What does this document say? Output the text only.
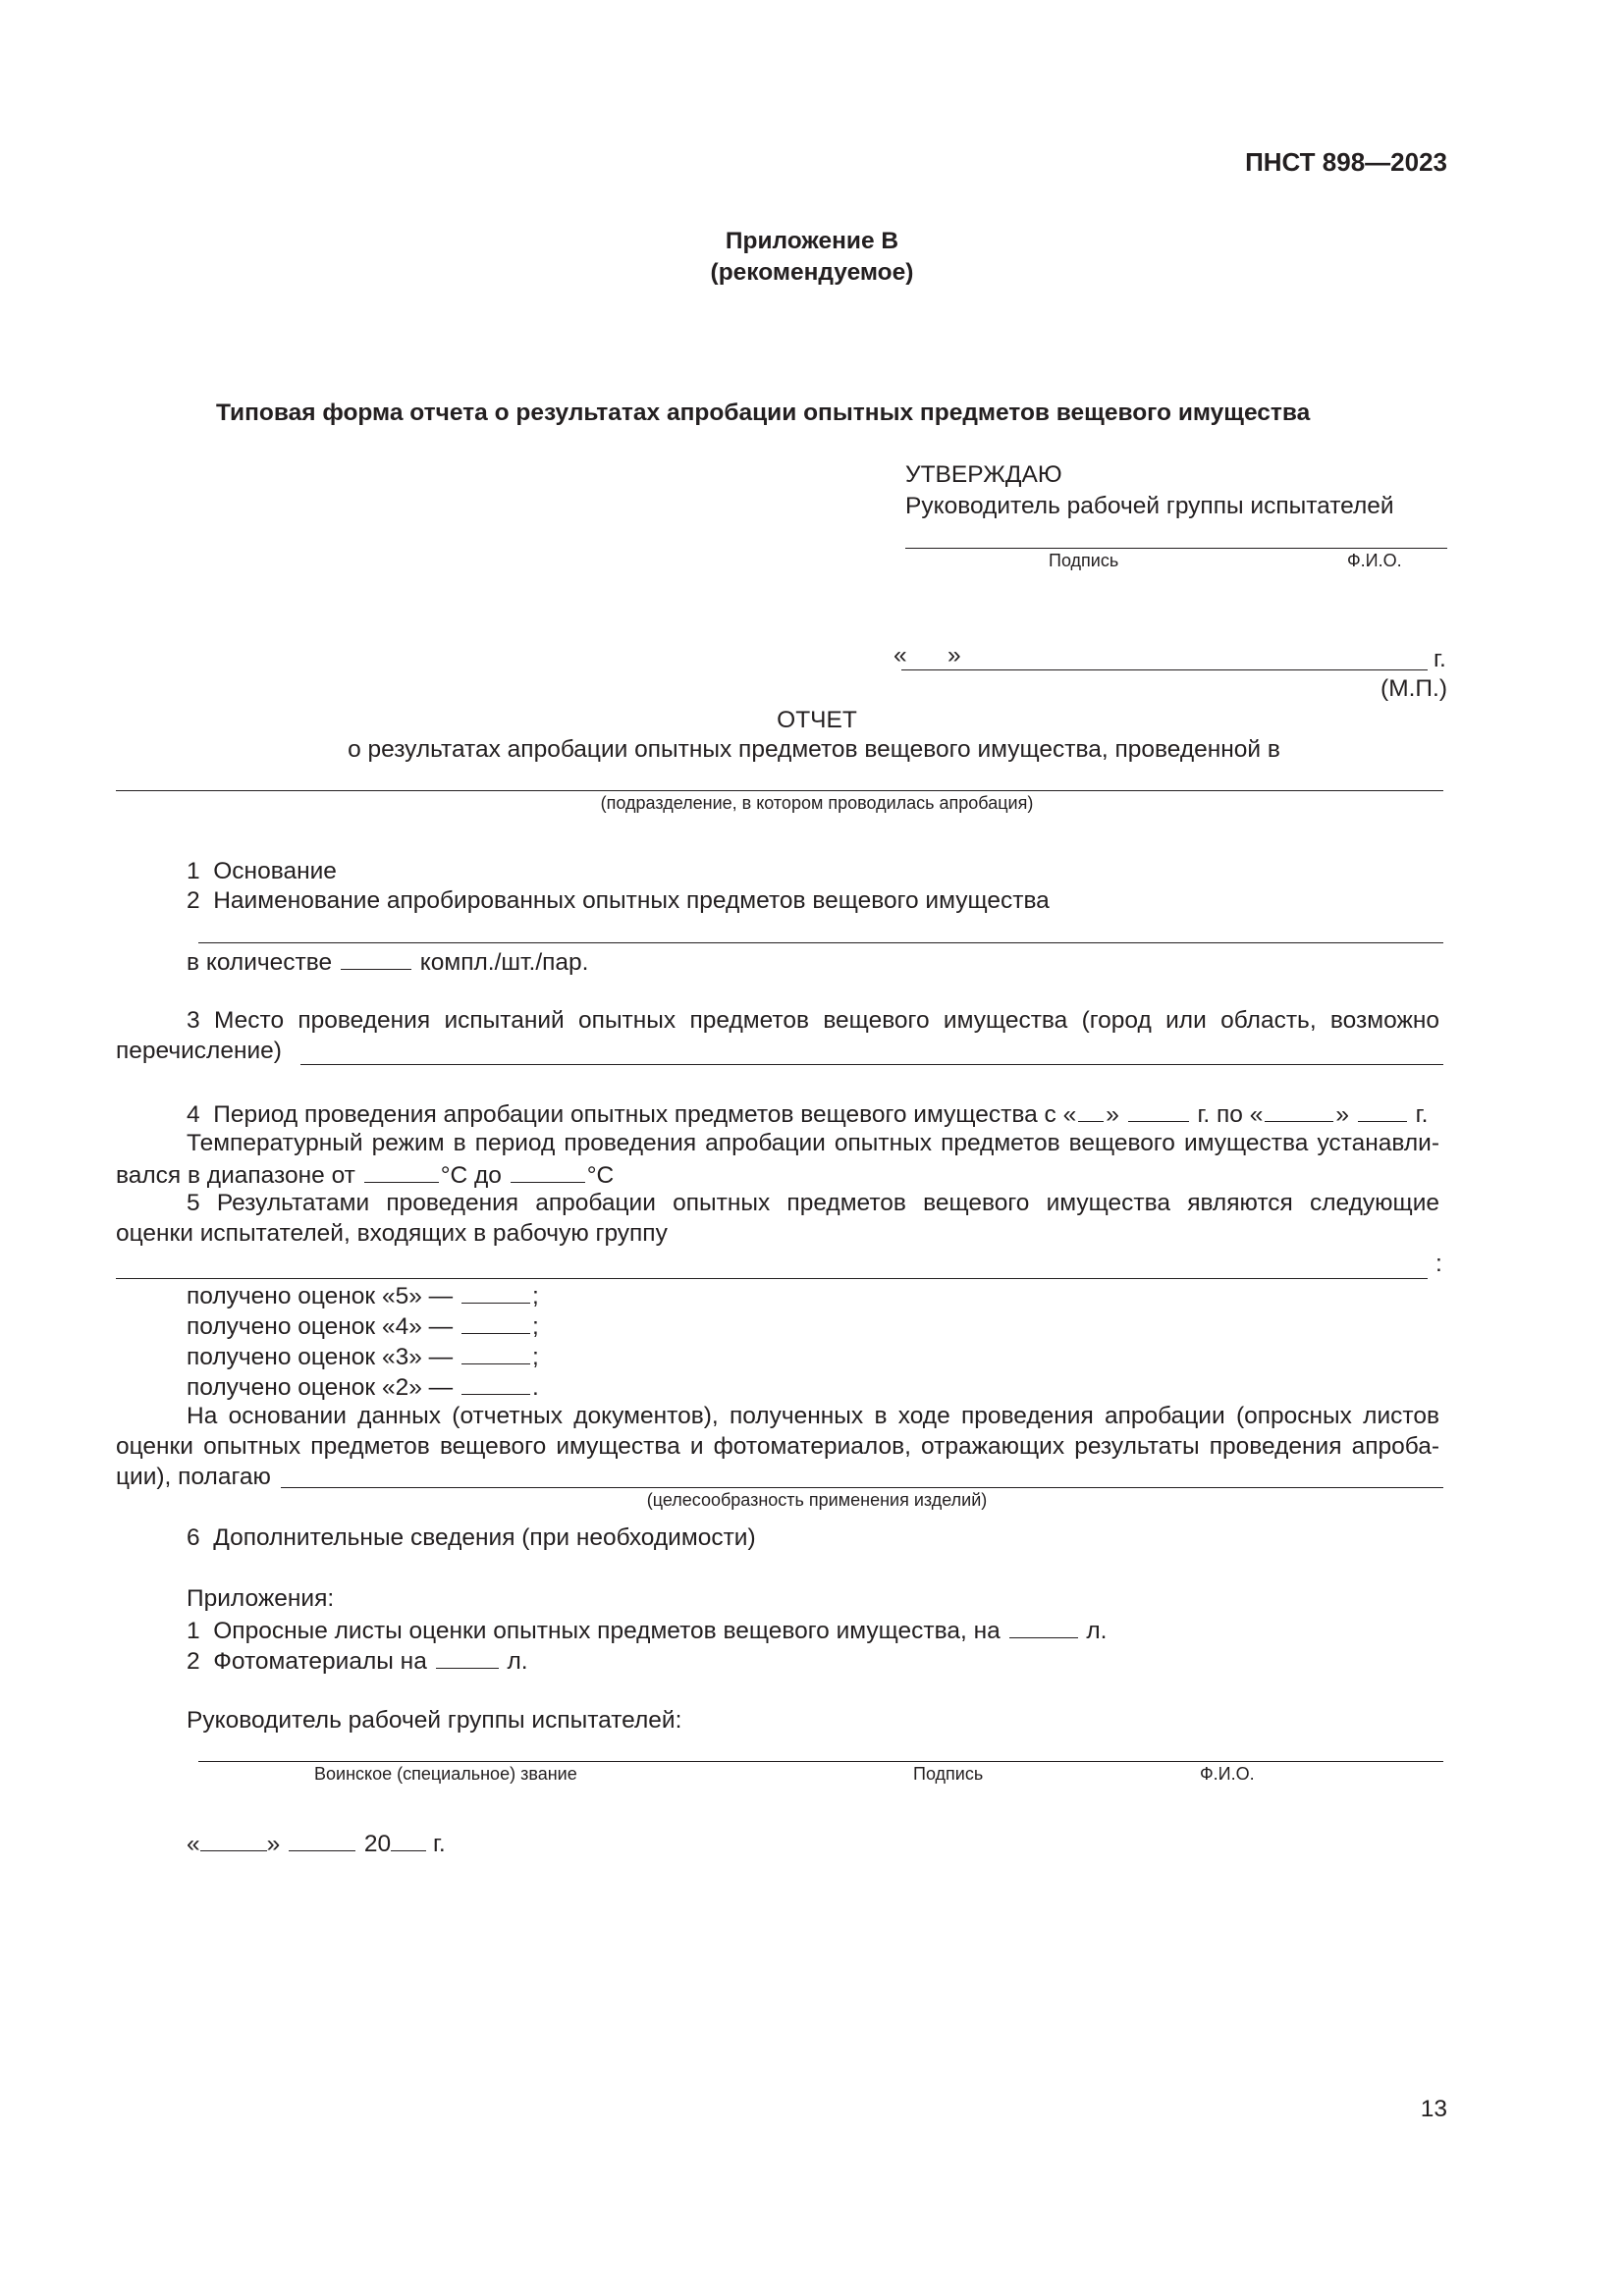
ПНСТ 898—2023
Приложение В
(рекомендуемое)
Типовая форма отчета о результатах апробации опытных предметов вещевого имущества
УТВЕРЖДАЮ
Руководитель рабочей группы испытателей
Подпись	Ф.И.О.
« »	г.
(М.П.)
ОТЧЕТ
о результатах апробации опытных предметов вещевого имущества, проведенной в
(подразделение, в котором проводилась апробация)
1  Основание
2  Наименование апробированных опытных предметов вещевого имущества
в количестве	компл./шт./пар.
3 Место проведения испытаний опытных предметов вещевого имущества (город или область, возможно
перечисление)
4  Период проведения апробации опытных предметов вещевого имущества с « »	г. по «	»	г.
Температурный режим в период проведения апробации опытных предметов вещевого имущества устанавли-
вался в диапазоне от	°С до	°С
5 Результатами проведения апробации опытных предметов вещевого имущества являются следующие
оценки испытателей, входящих в рабочую группу
:
получено оценок «5» —	;
получено оценок «4» —	;
получено оценок «3» —	;
получено оценок «2» —	.
На основании данных (отчетных документов), полученных в ходе проведения апробации (опросных листов
оценки опытных предметов вещевого имущества и фотоматериалов, отражающих результаты проведения апроба-
ции), полагаю
(целесообразность применения изделий)
6  Дополнительные сведения (при необходимости)
Приложения:
1  Опросные листы оценки опытных предметов вещевого имущества, на	л.
2  Фотоматериалы на	л.
Руководитель рабочей группы испытателей:
Воинское (специальное) звание	Подпись	Ф.И.О.
«	»	20 г.
13
